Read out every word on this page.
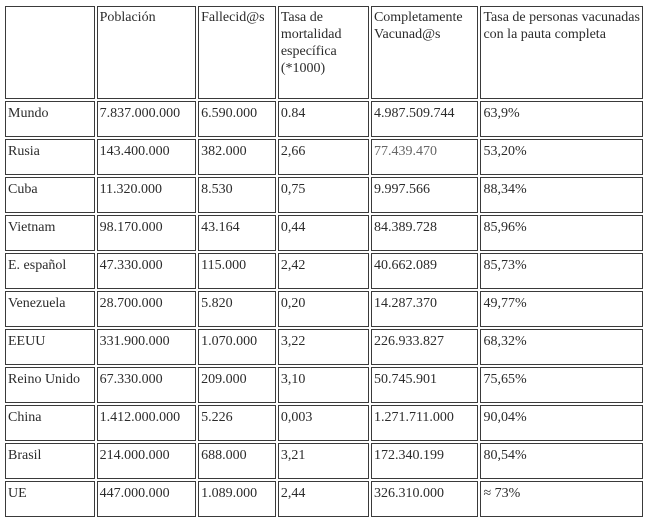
	Población	Fallecid@s	Tasa de mortalidad específica (*1000)	Completamente Vacunad@s	Tasa de personas vacunadas con la pauta completa
Mundo	7.837.000.000	6.590.000	0.84	4.987.509.744	63,9%
Rusia	143.400.000	382.000	2,66	77.439.470	53,20%
Cuba	11.320.000	8.530	0,75	9.997.566	88,34%
Vietnam	98.170.000	43.164	0,44	84.389.728	85,96%
E. español	47.330.000	115.000	2,42	40.662.089	85,73%
Venezuela	28.700.000	5.820	0,20	14.287.370	49,77%
EEUU	331.900.000	1.070.000	3,22	226.933.827	68,32%
Reino Unido	67.330.000	209.000	3,10	50.745.901	75,65%
China	1.412.000.000	5.226	0,003	1.271.711.000	90,04%
Brasil	214.000.000	688.000	3,21	172.340.199	80,54%
UE	447.000.000	1.089.000	2,44	326.310.000	≈ 73%
